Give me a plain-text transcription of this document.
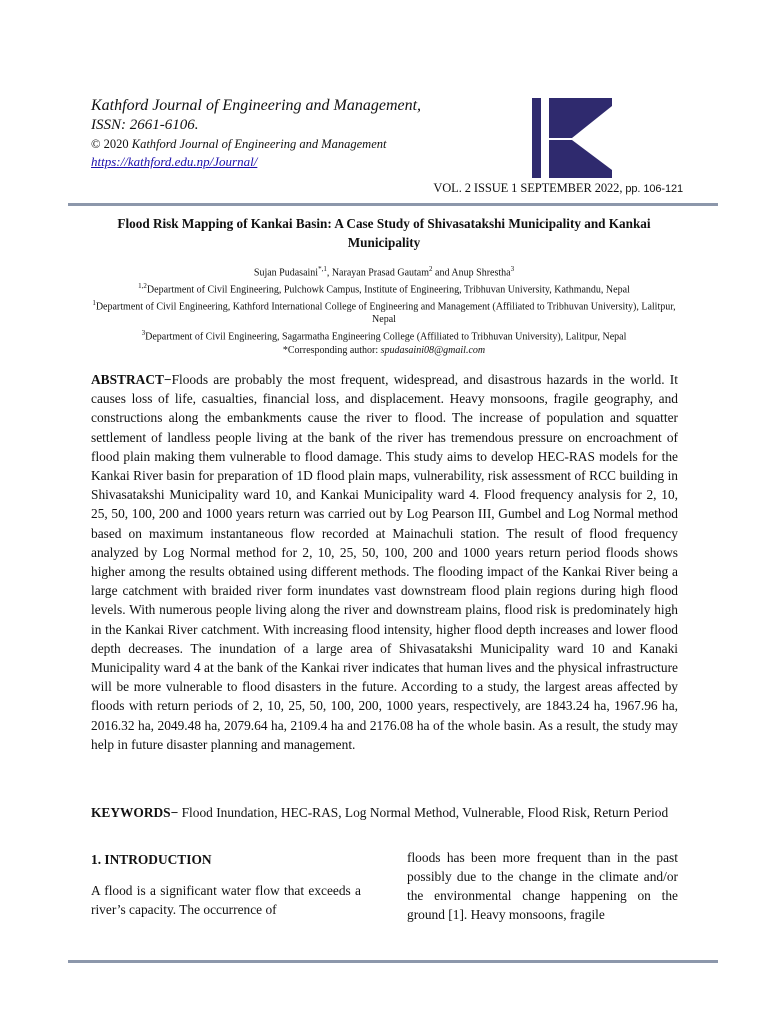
Kathford Journal of Engineering and Management,
ISSN: 2661-6106.
© 2020 Kathford Journal of Engineering and Management
https://kathford.edu.np/Journal/
VOL. 2 ISSUE 1 SEPTEMBER 2022, pp. 106-121
Flood Risk Mapping of Kankai Basin: A Case Study of Shivasatakshi Municipality and Kankai Municipality
Sujan Pudasaini$^{*,1}$, Narayan Prasad Gautam$^2$ and Anup Shrestha$^3$
$^{1,2}$Department of Civil Engineering, Pulchowk Campus, Institute of Engineering, Tribhuvan University, Kathmandu, Nepal
$^1$Department of Civil Engineering, Kathford International College of Engineering and Management (Affiliated to Tribhuvan University), Lalitpur, Nepal
$^3$Department of Civil Engineering, Sagarmatha Engineering College (Affiliated to Tribhuvan University), Lalitpur, Nepal
*Corresponding author: spudasaini08@gmail.com
ABSTRACT−Floods are probably the most frequent, widespread, and disastrous hazards in the world. It causes loss of life, casualties, financial loss, and displacement. Heavy monsoons, fragile geography, and constructions along the embankments cause the river to flood. The increase of population and squatter settlement of landless people living at the bank of the river has tremendous pressure on encroachment of flood plain making them vulnerable to flood damage. This study aims to develop HEC-RAS models for the Kankai River basin for preparation of 1D flood plain maps, vulnerability, risk assessment of RCC building in Shivasatakshi Municipality ward 10, and Kankai Municipality ward 4. Flood frequency analysis for 2, 10, 25, 50, 100, 200 and 1000 years return was carried out by Log Pearson III, Gumbel and Log Normal method based on maximum instantaneous flow recorded at Mainachuli station. The result of flood frequency analyzed by Log Normal method for 2, 10, 25, 50, 100, 200 and 1000 years return period floods shows higher among the results obtained using different methods. The flooding impact of the Kankai River being a large catchment with braided river form inundates vast downstream flood plain regions during high flood levels. With numerous people living along the river and downstream plains, flood risk is predominately high in the Kankai River catchment. With increasing flood intensity, higher flood depth increases and lower flood depth decreases. The inundation of a large area of Shivasatakshi Municipality ward 10 and Kanaki Municipality ward 4 at the bank of the Kankai river indicates that human lives and the physical infrastructure will be more vulnerable to flood disasters in the future. According to a study, the largest areas affected by floods with return periods of 2, 10, 25, 50, 100, 200, 1000 years, respectively, are 1843.24 ha, 1967.96 ha, 2016.32 ha, 2049.48 ha, 2079.64 ha, 2109.4 ha and 2176.08 ha of the whole basin. As a result, the study may help in future disaster planning and management.
KEYWORDS− Flood Inundation, HEC-RAS, Log Normal Method, Vulnerable, Flood Risk, Return Period
1. INTRODUCTION

A flood is a significant water flow that exceeds a river’s capacity. The occurrence of

floods has been more frequent than in the past possibly due to the change in the climate and/or the environmental change happening on the ground [1]. Heavy monsoons, fragile
